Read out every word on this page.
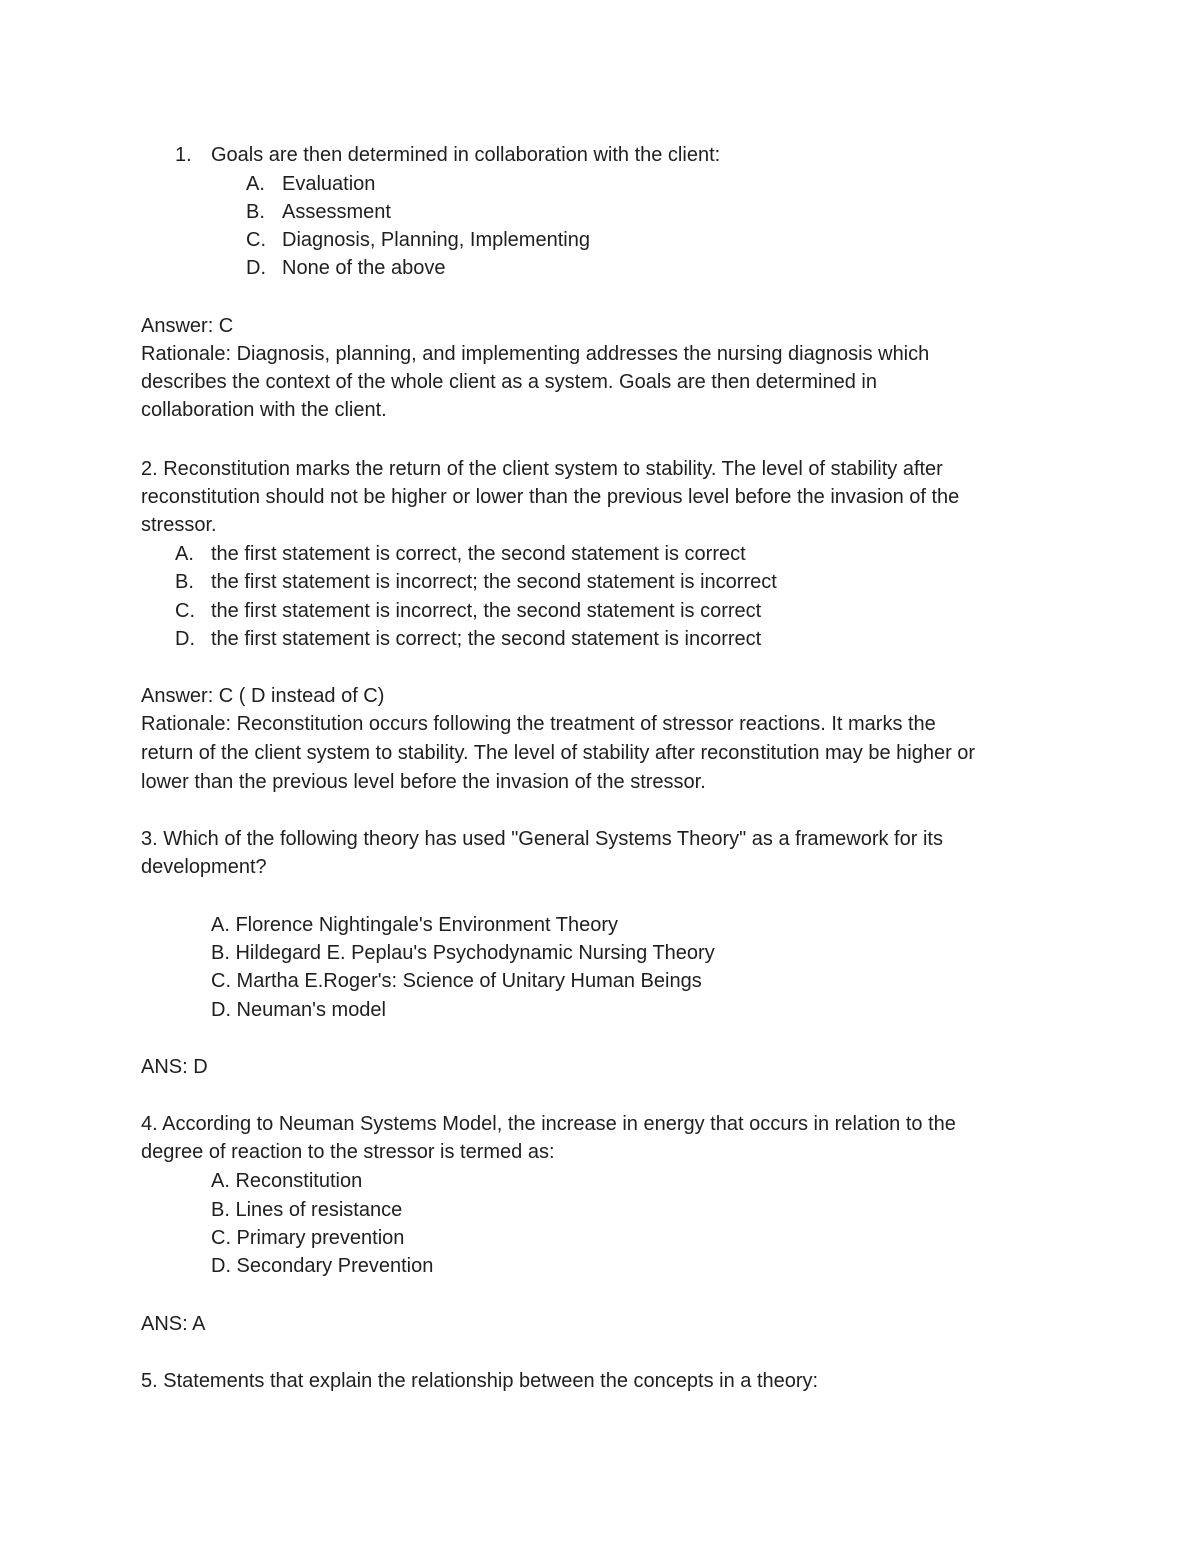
1. Goals are then determined in collaboration with the client:
A. Evaluation
B. Assessment
C. Diagnosis, Planning, Implementing
D. None of the above
Answer: C
Rationale: Diagnosis, planning, and implementing addresses the nursing diagnosis which
describes the context of the whole client as a system. Goals are then determined in
collaboration with the client.
2. Reconstitution marks the return of the client system to stability. The level of stability after
reconstitution should not be higher or lower than the previous level before the invasion of the
stressor.
A. the first statement is correct, the second statement is correct
B. the first statement is incorrect; the second statement is incorrect
C. the first statement is incorrect, the second statement is correct
D. the first statement is correct; the second statement is incorrect
Answer: C ( D instead of C)
Rationale: Reconstitution occurs following the treatment of stressor reactions. It marks the
return of the client system to stability. The level of stability after reconstitution may be higher or
lower than the previous level before the invasion of the stressor.
3. Which of the following theory has used "General Systems Theory" as a framework for its
development?
A. Florence Nightingale's Environment Theory
B. Hildegard E. Peplau's Psychodynamic Nursing Theory
C. Martha E.Roger's: Science of Unitary Human Beings
D. Neuman's model
ANS: D
4. According to Neuman Systems Model, the increase in energy that occurs in relation to the
degree of reaction to the stressor is termed as:
A. Reconstitution
B. Lines of resistance
C. Primary prevention
D. Secondary Prevention
ANS: A
5. Statements that explain the relationship between the concepts in a theory:
